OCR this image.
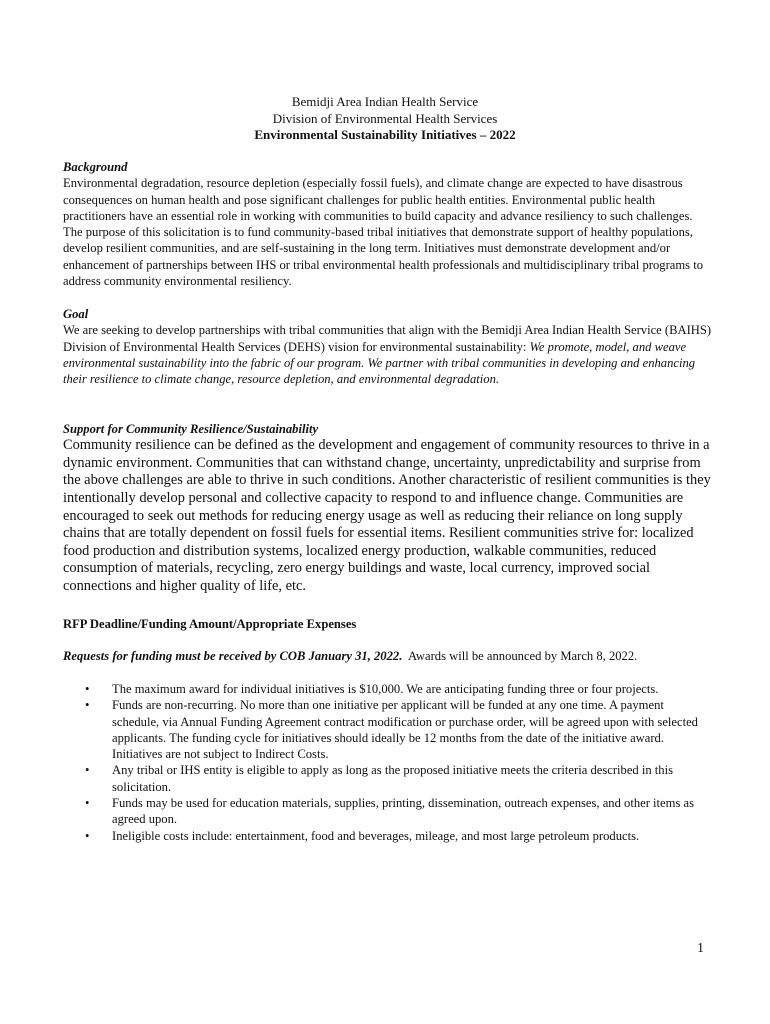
Bemidji Area Indian Health Service
Division of Environmental Health Services
Environmental Sustainability Initiatives – 2022
Background
Environmental degradation, resource depletion (especially fossil fuels), and climate change are expected to have disastrous consequences on human health and pose significant challenges for public health entities. Environmental public health practitioners have an essential role in working with communities to build capacity and advance resiliency to such challenges. The purpose of this solicitation is to fund community-based tribal initiatives that demonstrate support of healthy populations, develop resilient communities, and are self-sustaining in the long term. Initiatives must demonstrate development and/or enhancement of partnerships between IHS or tribal environmental health professionals and multidisciplinary tribal programs to address community environmental resiliency.
Goal
We are seeking to develop partnerships with tribal communities that align with the Bemidji Area Indian Health Service (BAIHS) Division of Environmental Health Services (DEHS) vision for environmental sustainability: We promote, model, and weave environmental sustainability into the fabric of our program. We partner with tribal communities in developing and enhancing their resilience to climate change, resource depletion, and environmental degradation.
Support for Community Resilience/Sustainability
Community resilience can be defined as the development and engagement of community resources to thrive in a dynamic environment. Communities that can withstand change, uncertainty, unpredictability and surprise from the above challenges are able to thrive in such conditions. Another characteristic of resilient communities is they intentionally develop personal and collective capacity to respond to and influence change. Communities are encouraged to seek out methods for reducing energy usage as well as reducing their reliance on long supply chains that are totally dependent on fossil fuels for essential items. Resilient communities strive for: localized food production and distribution systems, localized energy production, walkable communities, reduced consumption of materials, recycling, zero energy buildings and waste, local currency, improved social connections and higher quality of life, etc.
RFP Deadline/Funding Amount/Appropriate Expenses
Requests for funding must be received by COB January 31, 2022. Awards will be announced by March 8, 2022.
• The maximum award for individual initiatives is $10,000. We are anticipating funding three or four projects.
• Funds are non-recurring. No more than one initiative per applicant will be funded at any one time. A payment schedule, via Annual Funding Agreement contract modification or purchase order, will be agreed upon with selected applicants. The funding cycle for initiatives should ideally be 12 months from the date of the initiative award. Initiatives are not subject to Indirect Costs.
• Any tribal or IHS entity is eligible to apply as long as the proposed initiative meets the criteria described in this solicitation.
• Funds may be used for education materials, supplies, printing, dissemination, outreach expenses, and other items as agreed upon.
• Ineligible costs include: entertainment, food and beverages, mileage, and most large petroleum products.
1
